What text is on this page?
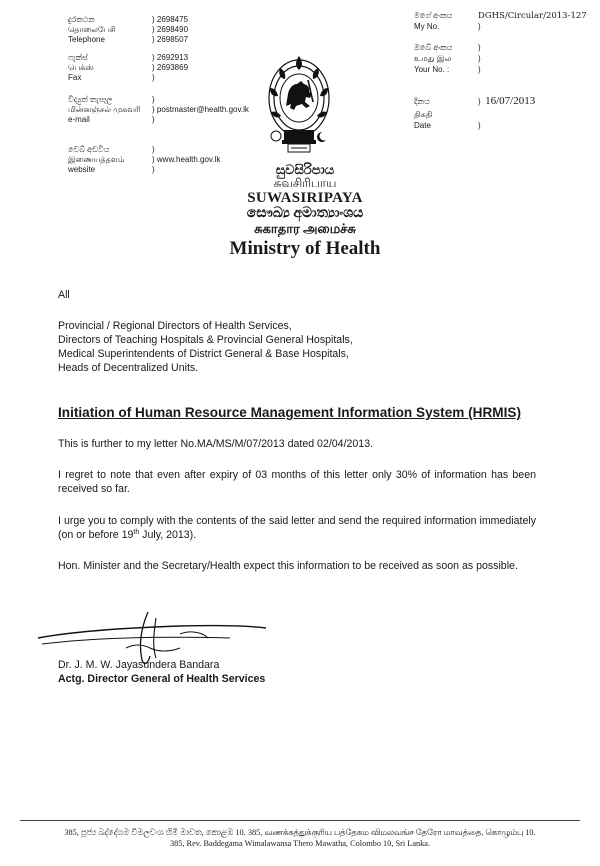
දුරකථන	) 2698475
தொலைபேசி	) 2698490
Telephone	) 2698507
ෆැක්ස්	) 2692913
பெக்ஸ்	) 2693869
Fax	)
විද්‍යුත් තැපෑල	)
மின்னஞ்சல் முகவரி ) postmaster@health.gov.lk
e-mail	)
වෙබ් අඩවිය	)
இணையத்தளம்	) www.health.gov.lk
website	)
මගේ අංකය	DGHS/Circular/2013-127
My No.	)
ඔබේ අංකය	)
உமது இல	)
Your No. :	)
දිනය	)  16/07/2013
திகதி
Date	)
සුවසිරිපාය
சுவசிரிபாய
SUWASIRIPAYA
සෞඛ්‍ය අමාත්‍යාංශය
சுகாதார அமைச்சு
Ministry of Health
All
Provincial / Regional Directors of Health Services,
Directors of Teaching Hospitals & Provincial General Hospitals,
Medical Superintendents of District General & Base Hospitals,
Heads of Decentralized Units.
Initiation of Human Resource Management Information System (HRMIS)
This is further to my letter No.MA/MS/M/07/2013 dated 02/04/2013.
I regret to note that even after expiry of 03 months of this letter only 30% of information has been received so far.
I urge you to comply with the contents of the said letter and send the required information immediately (on or before 19th July, 2013).
Hon. Minister and the Secretary/Health expect this information to be received as soon as possible.
Dr. J. M. W. Jayasundera Bandara
Actg. Director General of Health Services
385, පූජ්‍ය බද්දේගම විමලවංශ හිමි මාවත, කොළඹ 10. 385, வணக்கத்துக்குரிய பத்தேகம விமலவங்ச தேரோ மாவத்தை, கொழும்பு 10.
385, Rev. Baddegama Wimalawansa Thero Mawatha, Colombo 10, Sri Lanka.
